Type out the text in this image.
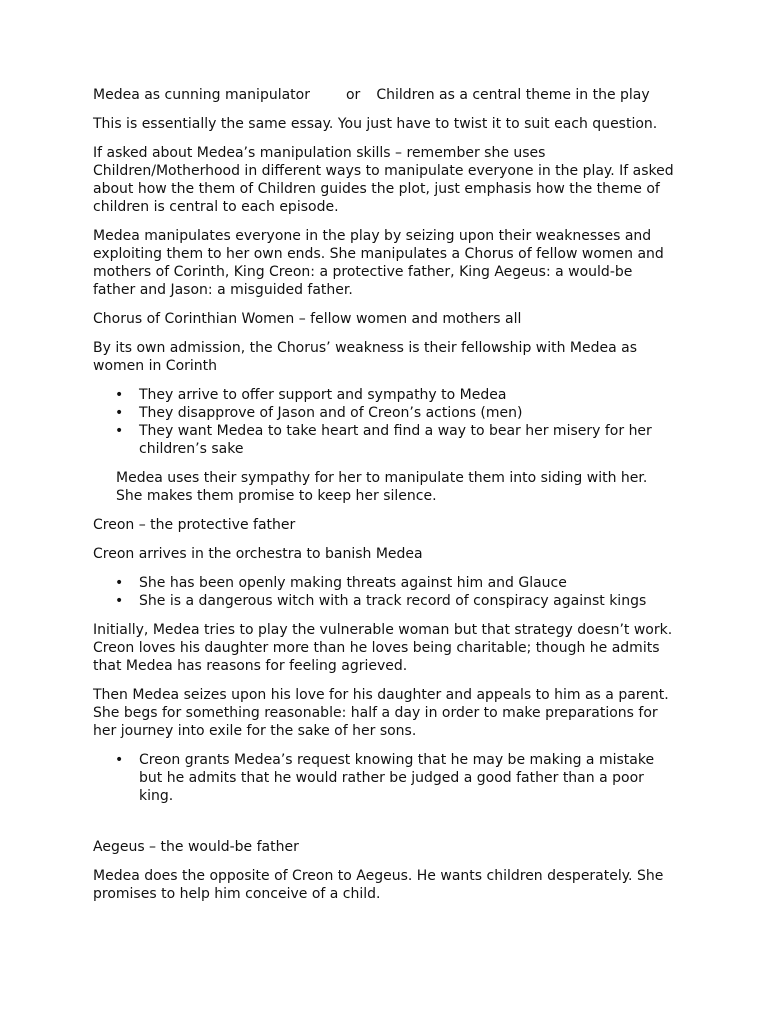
Medea as cunning manipulator	or Children as a central theme in the play

This is essentially the same essay. You just have to twist it to suit each question.

If asked about Medea’s manipulation skills – remember she uses Children/Motherhood in different ways to manipulate everyone in the play. If asked about how the them of Children guides the plot, just emphasis how the theme of children is central to each episode.

Medea manipulates everyone in the play by seizing upon their weaknesses and exploiting them to her own ends. She manipulates a Chorus of fellow women and mothers of Corinth, King Creon: a protective father, King Aegeus: a would-be father and Jason: a misguided father.

Chorus of Corinthian Women – fellow women and mothers all

By its own admission, the Chorus’ weakness is their fellowship with Medea as women in Corinth

• They arrive to offer support and sympathy to Medea
• They disapprove of Jason and of Creon’s actions (men)
• They want Medea to take heart and find a way to bear her misery for her children’s sake

Medea uses their sympathy for her to manipulate them into siding with her. She makes them promise to keep her silence.

Creon – the protective father

Creon arrives in the orchestra to banish Medea

• She has been openly making threats against him and Glauce
• She is a dangerous witch with a track record of conspiracy against kings

Initially, Medea tries to play the vulnerable woman but that strategy doesn’t work. Creon loves his daughter more than he loves being charitable; though he admits that Medea has reasons for feeling agrieved.

Then Medea seizes upon his love for his daughter and appeals to him as a parent. She begs for something reasonable: half a day in order to make preparations for her journey into exile for the sake of her sons.

• Creon grants Medea’s request knowing that he may be making a mistake but he admits that he would rather be judged a good father than a poor king.

Aegeus – the would-be father

Medea does the opposite of Creon to Aegeus. He wants children desperately. She promises to help him conceive of a child.
